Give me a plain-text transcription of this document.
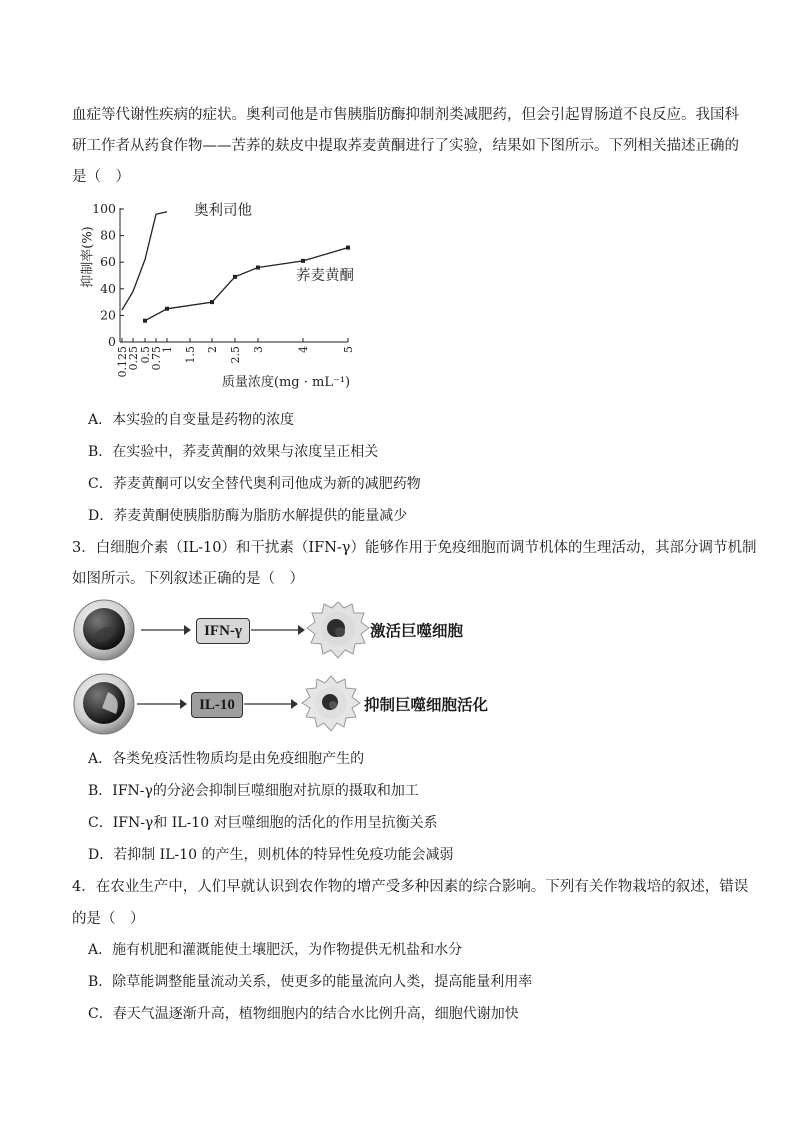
血症等代谢性疾病的症状。奥利司他是市售胰脂肪酶抑制剂类减肥药，但会引起胃肠道不良反应。我国科
研工作者从药食作物——苦荞的麸皮中提取荞麦黄酮进行了实验，结果如下图所示。下列相关描述正确的
是（　）
抑制率(%)
0
20
40
60
80
100
0.125
0.25 0.5
0.75
1 1.5 2 2.5 3	4	5
奥利司他
荞麦黄酮
质量浓度(mg · mL⁻¹)
A．本实验的自变量是药物的浓度
B．在实验中，荞麦黄酮的效果与浓度呈正相关
C．荞麦黄酮可以安全替代奥利司他成为新的减肥药物
D．荞麦黄酮使胰脂肪酶为脂肪水解提供的能量减少
3．白细胞介素（IL-10）和干扰素（IFN-γ）能够作用于免疫细胞而调节机体的生理活动，其部分调节机制
如图所示。下列叙述正确的是（　）
IFN-γ	激活巨噬细胞
IL-10	抑制巨噬细胞活化
A．各类免疫活性物质均是由免疫细胞产生的
B．IFN-γ的分泌会抑制巨噬细胞对抗原的摄取和加工
C．IFN-γ和 IL-10 对巨噬细胞的活化的作用呈抗衡关系
D．若抑制 IL-10 的产生，则机体的特异性免疫功能会减弱
4．在农业生产中，人们早就认识到农作物的增产受多种因素的综合影响。下列有关作物栽培的叙述，错误
的是（　）
A．施有机肥和灌溉能使土壤肥沃，为作物提供无机盐和水分
B．除草能调整能量流动关系，使更多的能量流向人类，提高能量利用率
C．春天气温逐渐升高，植物细胞内的结合水比例升高，细胞代谢加快
